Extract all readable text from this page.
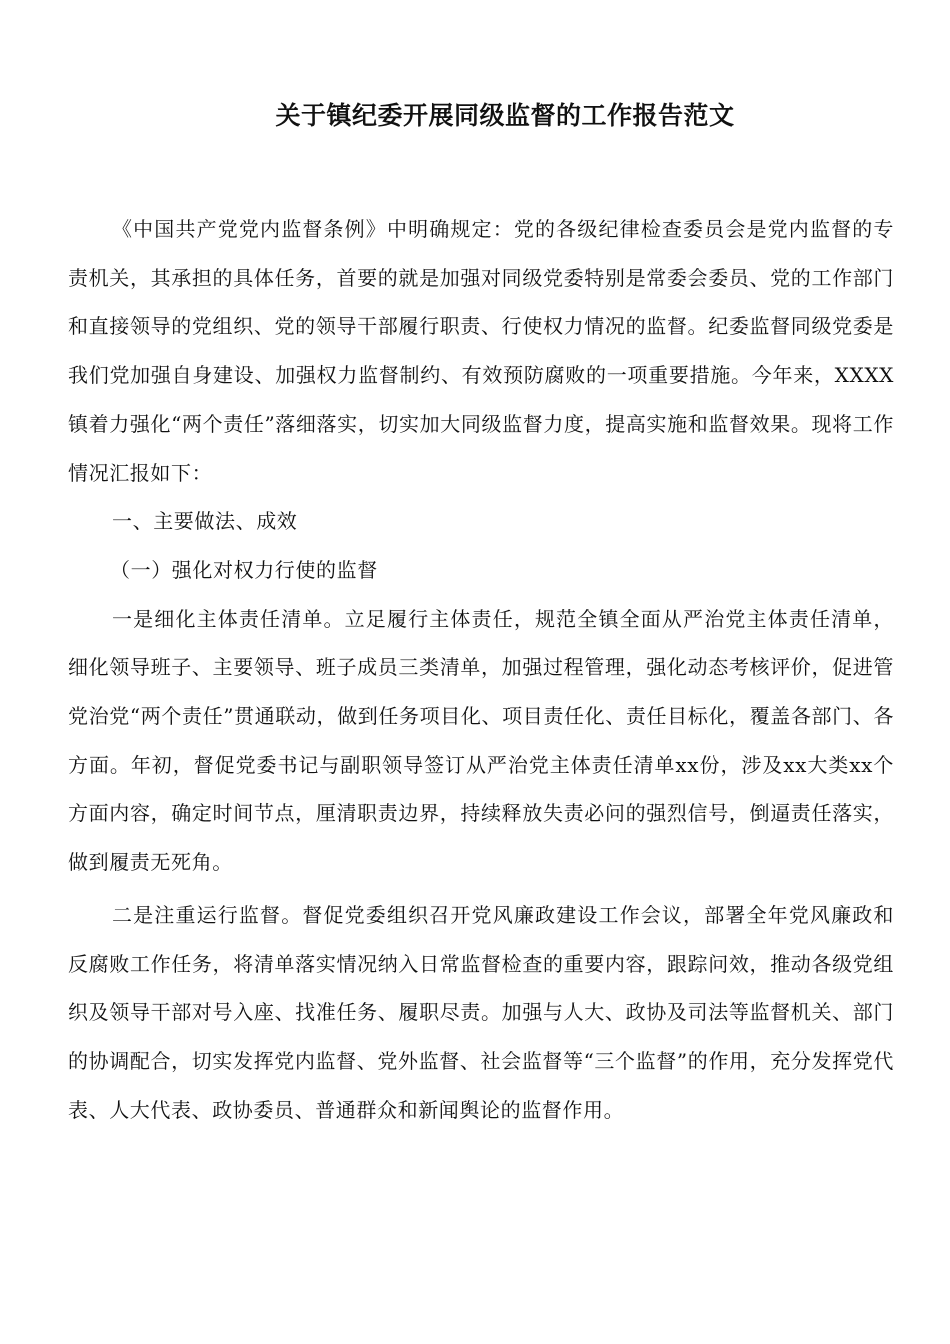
关于镇纪委开展同级监督的工作报告范文

《中国共产党党内监督条例》中明确规定：党的各级纪律检查委员会是党内监督的专责机关，其承担的具体任务，首要的就是加强对同级党委特别是常委会委员、党的工作部门和直接领导的党组织、党的领导干部履行职责、行使权力情况的监督。纪委监督同级党委是我们党加强自身建设、加强权力监督制约、有效预防腐败的一项重要措施。今年来，XXXX镇着力强化“两个责任”落细落实，切实加大同级监督力度，提高实施和监督效果。现将工作情况汇报如下：

一、主要做法、成效

（一）强化对权力行使的监督

一是细化主体责任清单。立足履行主体责任，规范全镇全面从严治党主体责任清单，细化领导班子、主要领导、班子成员三类清单，加强过程管理，强化动态考核评价，促进管党治党“两个责任”贯通联动，做到任务项目化、项目责任化、责任目标化，覆盖各部门、各方面。年初，督促党委书记与副职领导签订从严治党主体责任清单xx份，涉及xx大类xx个方面内容，确定时间节点，厘清职责边界，持续释放失责必问的强烈信号，倒逼责任落实，做到履责无死角。

二是注重运行监督。督促党委组织召开党风廉政建设工作会议，部署全年党风廉政和反腐败工作任务，将清单落实情况纳入日常监督检查的重要内容，跟踪问效，推动各级党组织及领导干部对号入座、找准任务、履职尽责。加强与人大、政协及司法等监督机关、部门的协调配合，切实发挥党内监督、党外监督、社会监督等“三个监督”的作用，充分发挥党代表、人大代表、政协委员、普通群众和新闻舆论的监督作用。
